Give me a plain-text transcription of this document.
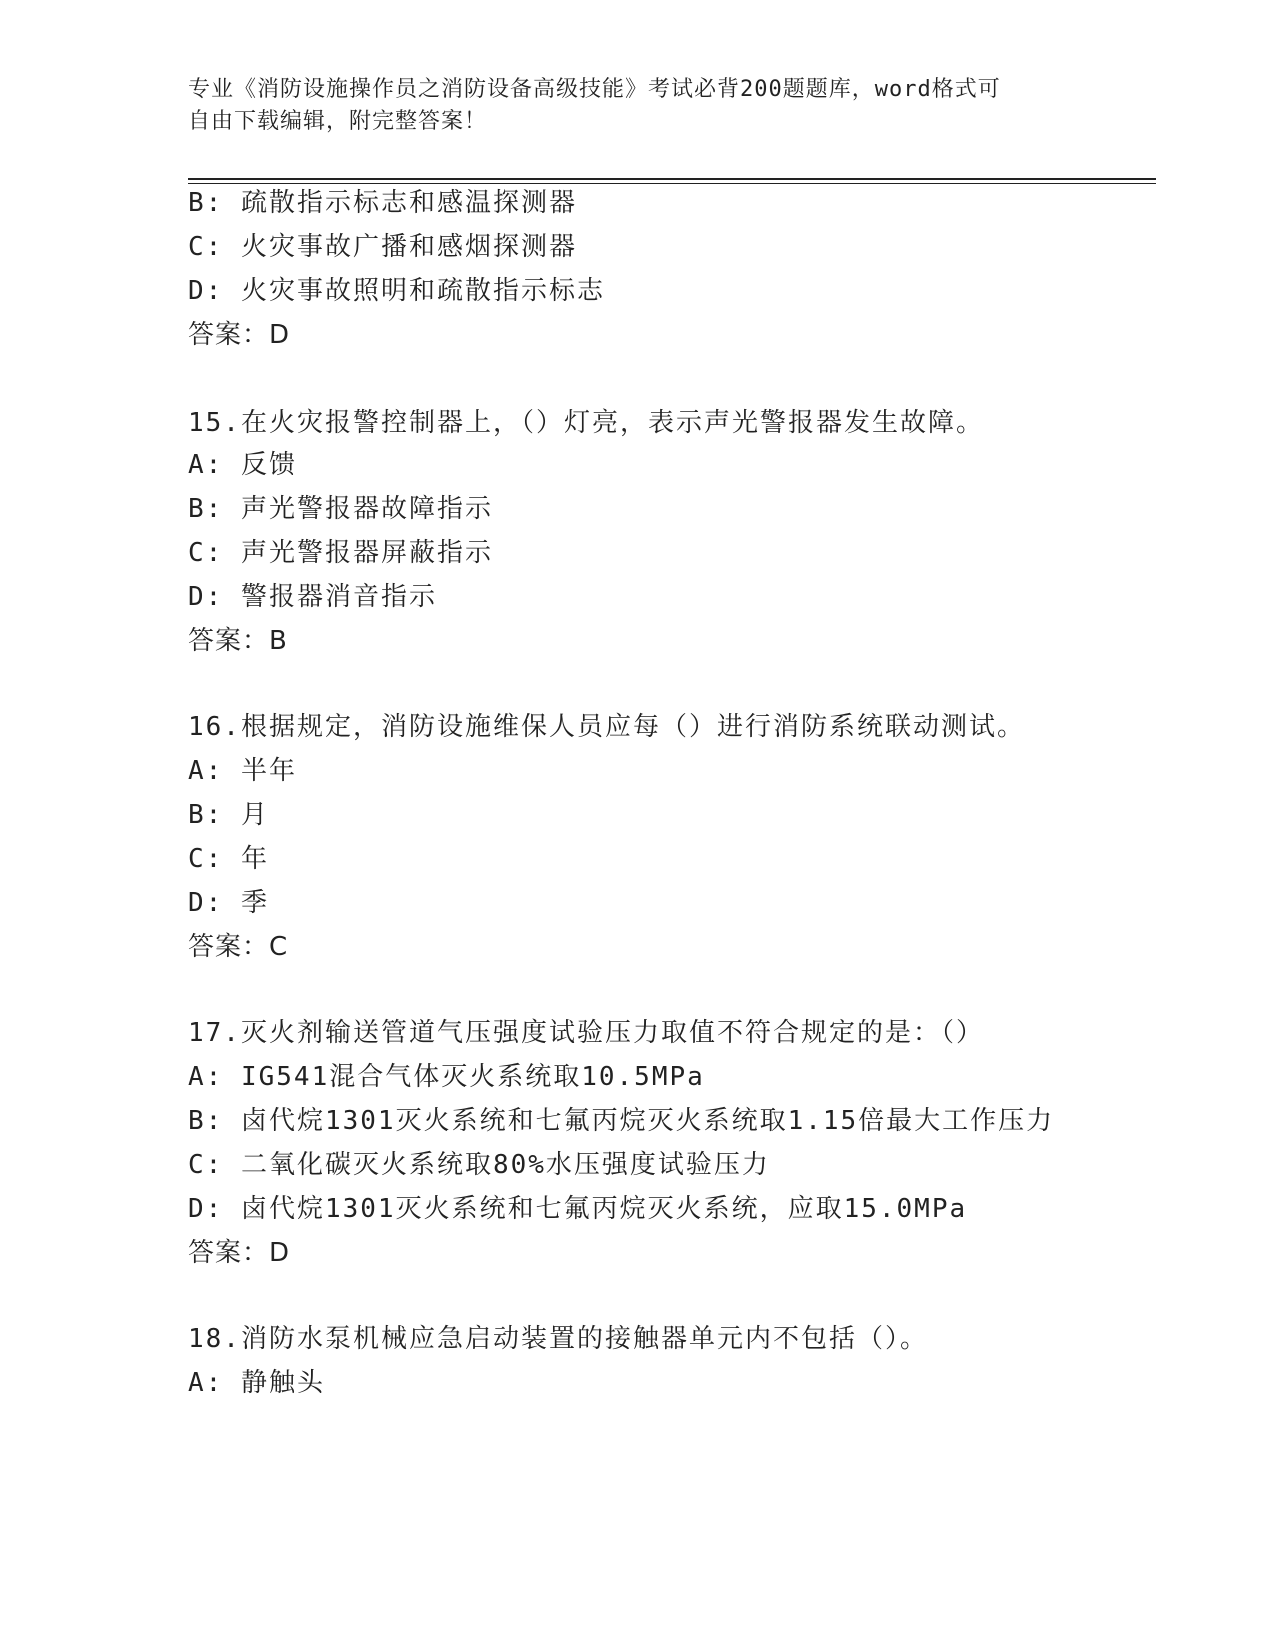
专业《消防设施操作员之消防设备高级技能》考试必背200题题库，word格式可
自由下载编辑，附完整答案！
B: 疏散指示标志和感温探测器
C: 火灾事故广播和感烟探测器
D: 火灾事故照明和疏散指示标志
答案：D
15.在火灾报警控制器上，（）灯亮，表示声光警报器发生故障。
A: 反馈
B: 声光警报器故障指示
C: 声光警报器屏蔽指示
D: 警报器消音指示
答案：B
16.根据规定，消防设施维保人员应每（）进行消防系统联动测试。
A: 半年
B: 月
C: 年
D: 季
答案：C
17.灭火剂输送管道气压强度试验压力取值不符合规定的是：（）
A: IG541混合气体灭火系统取10.5MPa
B: 卤代烷1301灭火系统和七氟丙烷灭火系统取1.15倍最大工作压力
C: 二氧化碳灭火系统取80%水压强度试验压力
D: 卤代烷1301灭火系统和七氟丙烷灭火系统，应取15.0MPa
答案：D
18.消防水泵机械应急启动装置的接触器单元内不包括（）。
A: 静触头
